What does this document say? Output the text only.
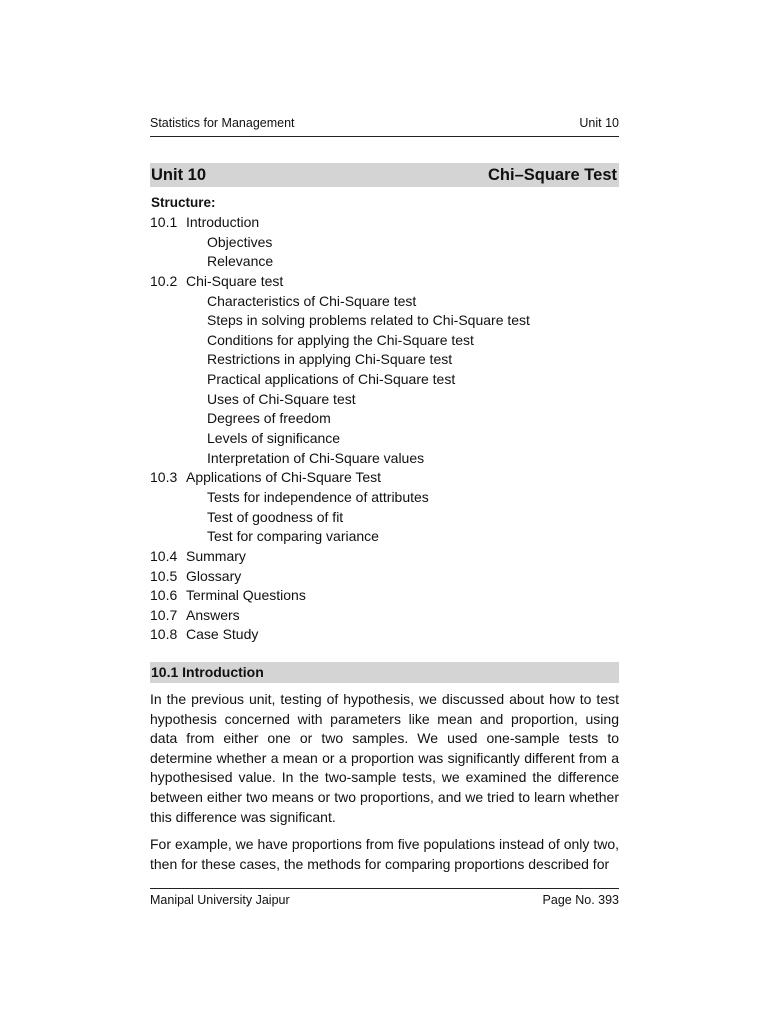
Statistics for Management	Unit 10
Unit 10	Chi–Square Test
Structure:
10.1 Introduction
Objectives
Relevance
10.2 Chi-Square test
Characteristics of Chi-Square test
Steps in solving problems related to Chi-Square test
Conditions for applying the Chi-Square test
Restrictions in applying Chi-Square test
Practical applications of Chi-Square test
Uses of Chi-Square test
Degrees of freedom
Levels of significance
Interpretation of Chi-Square values
10.3 Applications of Chi-Square Test
Tests for independence of attributes
Test of goodness of fit
Test for comparing variance
10.4 Summary
10.5 Glossary
10.6 Terminal Questions
10.7 Answers
10.8 Case Study
10.1 Introduction

In the previous unit, testing of hypothesis, we discussed about how to test hypothesis concerned with parameters like mean and proportion, using data from either one or two samples. We used one-sample tests to determine whether a mean or a proportion was significantly different from a hypothesised value. In the two-sample tests, we examined the difference between either two means or two proportions, and we tried to learn whether this difference was significant.

For example, we have proportions from five populations instead of only two, then for these cases, the methods for comparing proportions described for

Manipal University Jaipur	Page No. 393
